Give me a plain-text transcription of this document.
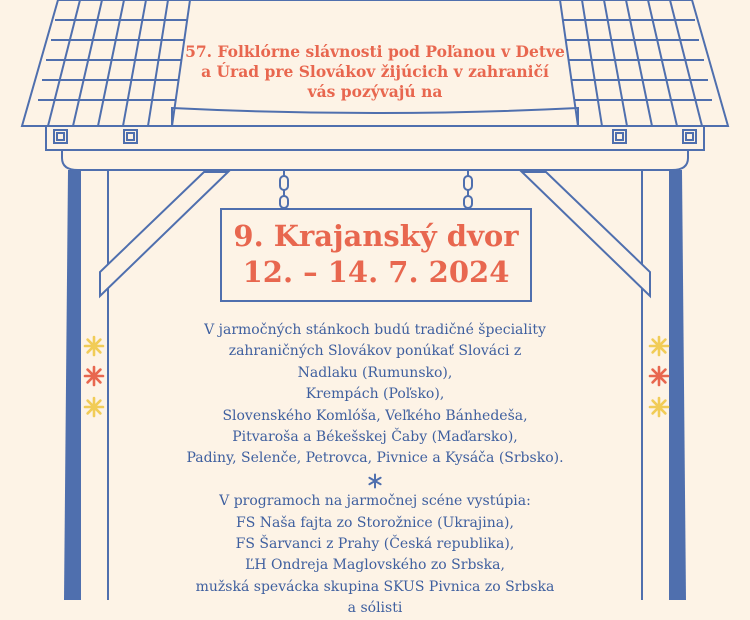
57. Folklórne slávnosti pod Poľanou v Detve
a Úrad pre Slovákov žijúcich v zahraničí
vás pozývajú na
9. Krajanský dvor
12. – 14. 7. 2024
V jarmočných stánkoch budú tradičné špeciality
zahraničných Slovákov ponúkať Slováci z
Nadlaku (Rumunsko),
Krempách (Poľsko),
Slovenského Komlóša, Veľkého Bánhedeša,
Pitvaroša a Békešskej Čaby (Maďarsko),
Padiny, Selenče, Petrovca, Pivnice a Kysáča (Srbsko).
V programoch na jarmočnej scéne vystúpia:
FS Naša fajta zo Storožnice (Ukrajina),
FS Šarvanci z Prahy (Česká republika),
ĽH Ondreja Maglovského zo Srbska,
mužská spevácka skupina SKUS Pivnica zo Srbska
a sólisti
